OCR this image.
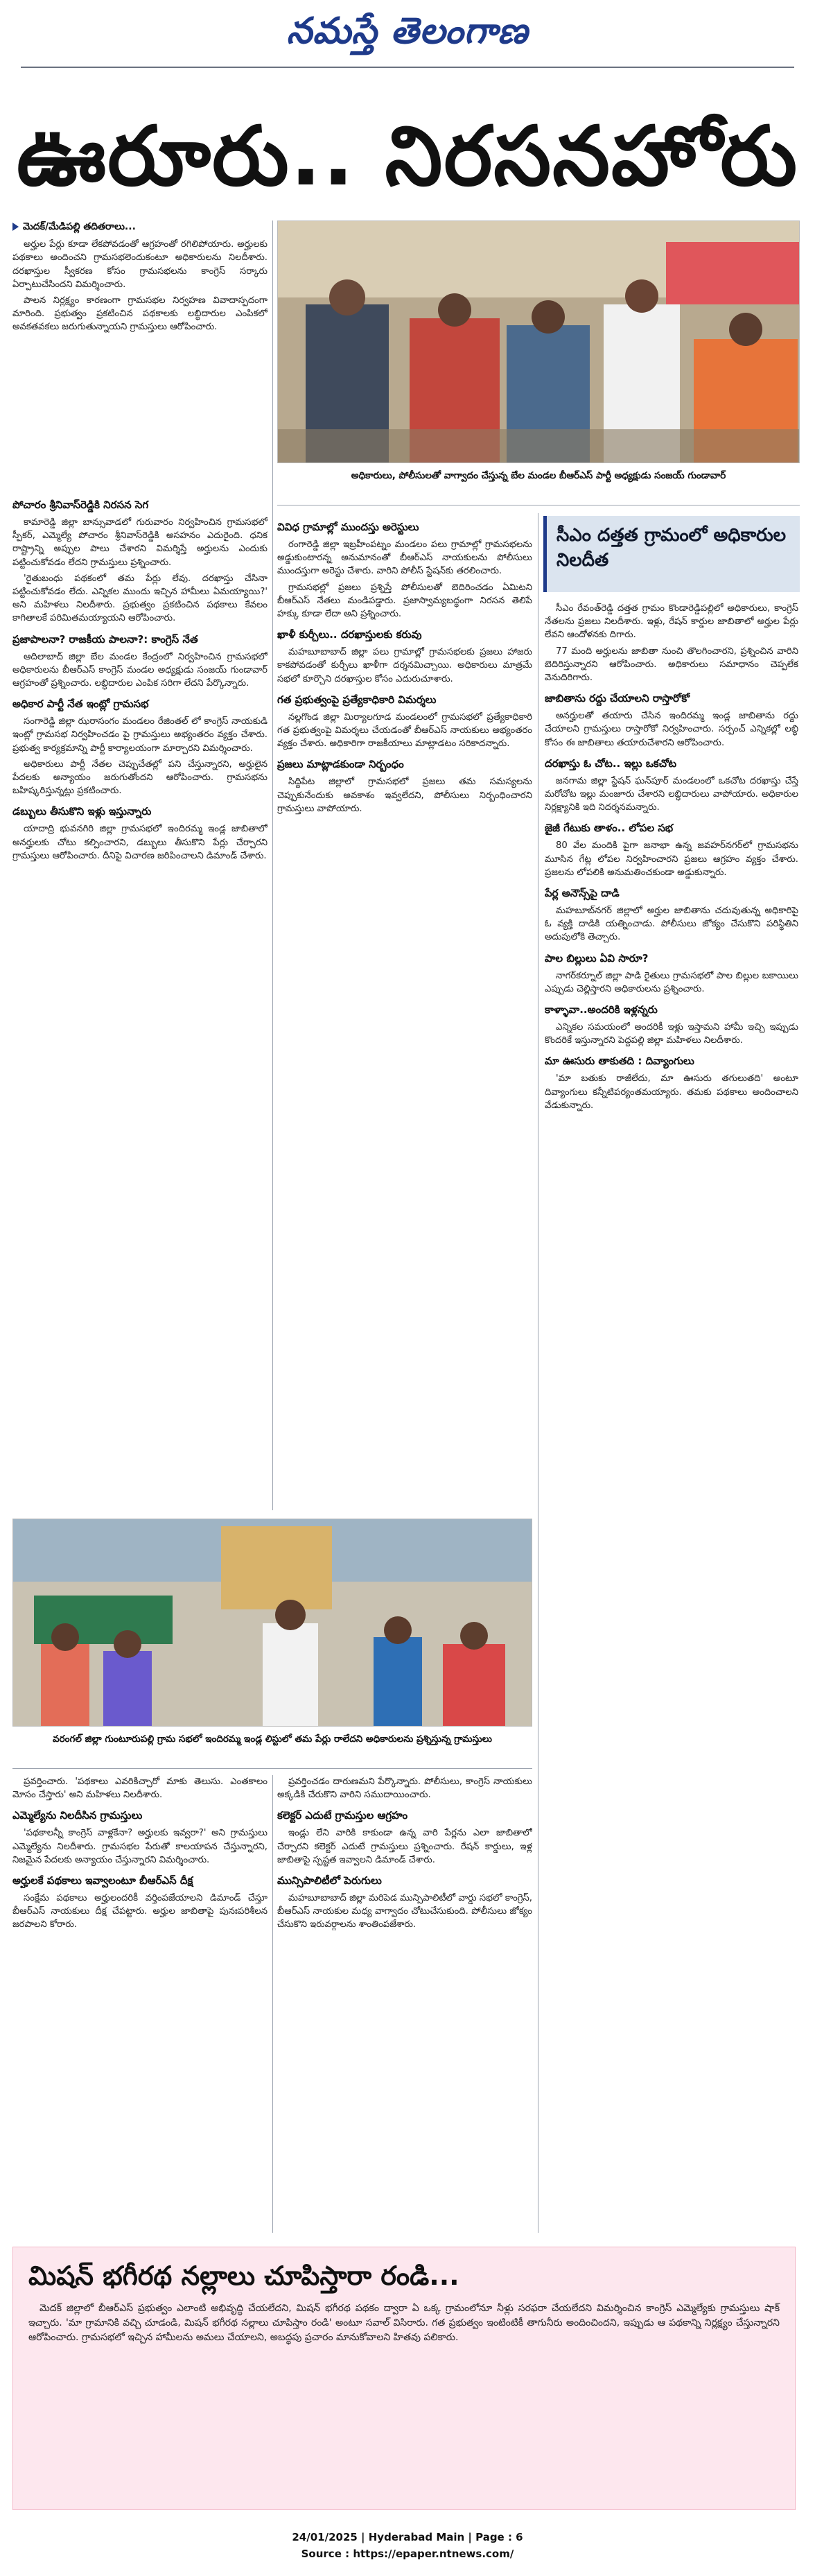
నమస్తే తెలంగాణ
ఊరూరు.. నిరసనహోరు
మెదక్/మేడిపల్లి తదితరాలు...

అర్హుల పేర్లు కూడా లేకపోవడంతో ఆగ్రహంతో రగిలిపోయారు. అర్హులకు పథకాలు అందించని గ్రామసభలెందుకంటూ అధికారులను నిలదీశారు. దరఖాస్తుల స్వీకరణ కోసం గ్రామసభలను కాంగ్రెస్ సర్కారు ఏర్పాటుచేసిందని విమర్శించారు.

పాలన నిర్లక్ష్యం కారణంగా గ్రామసభల నిర్వహణ వివాదాస్పదంగా మారింది. ప్రభుత్వం ప్రకటించిన పథకాలకు లబ్ధిదారుల ఎంపికలో అవకతవకలు జరుగుతున్నాయని గ్రామస్తులు ఆరోపించారు.

అధికారులు, పోలీసులతో వాగ్వాదం చేస్తున్న బేల మండల బీఆర్ఎస్ పార్టీ అధ్యక్షుడు సంజయ్ గుండావార్
పోచారం శ్రీనివాస్‌రెడ్డికి నిరసన సెగ

కామారెడ్డి జిల్లా బాన్సువాడలో గురువారం నిర్వహించిన గ్రామసభలో స్పీకర్, ఎమ్మెల్యే పోచారం శ్రీనివాస్‌రెడ్డికి అసహనం ఎదురైంది. ధనిక రాష్ట్రాన్ని అప్పుల పాలు చేశారని విమర్శిస్తే అర్హులను ఎందుకు పట్టించుకోవడం లేదని గ్రామస్తులు ప్రశ్నించారు.

'రైతుబంధు పథకంలో తమ పేర్లు లేవు. దరఖాస్తు చేసినా పట్టించుకోవడం లేదు. ఎన్నికల ముందు ఇచ్చిన హామీలు ఏమయ్యాయి?' అని మహిళలు నిలదీశారు. ప్రభుత్వం ప్రకటించిన పథకాలు కేవలం కాగితాలకే పరిమితమయ్యాయని ఆరోపించారు.

ప్రజాపాలనా? రాజకీయ పాలనా?: కాంగ్రెస్ నేత

ఆదిలాబాద్ జిల్లా బేల మండల కేంద్రంలో నిర్వహించిన గ్రామసభలో అధికారులను బీఆర్ఎస్ కాంగ్రెస్ మండల అధ్యక్షుడు సంజయ్ గుండావార్ ఆగ్రహంతో ప్రశ్నించారు. లబ్ధిదారుల ఎంపిక సరిగా లేదని పేర్కొన్నారు.

అధికార పార్టీ నేత ఇంట్లో గ్రామసభ

సంగారెడ్డి జిల్లా ఝరాసంగం మండలం రేజింతల్ లో కాంగ్రెస్ నాయకుడి ఇంట్లో గ్రామసభ నిర్వహించడం పై గ్రామస్తులు అభ్యంతరం వ్యక్తం చేశారు. ప్రభుత్వ కార్యక్రమాన్ని పార్టీ కార్యాలయంగా మార్చారని విమర్శించారు.

అధికారులు పార్టీ నేతల చెప్పుచేతల్లో పని చేస్తున్నారని, అర్హులైన పేదలకు అన్యాయం జరుగుతోందని ఆరోపించారు. గ్రామసభను బహిష్కరిస్తున్నట్లు ప్రకటించారు.

డబ్బులు తీసుకొని ఇళ్లు ఇస్తున్నారు

యాదాద్రి భువనగిరి జిల్లా గ్రామసభలో ఇందిరమ్మ ఇండ్ల జాబితాలో అనర్హులకు చోటు కల్పించారని, డబ్బులు తీసుకొని పేర్లు చేర్చారని గ్రామస్తులు ఆరోపించారు. దీనిపై విచారణ జరిపించాలని డిమాండ్ చేశారు.

వివిధ గ్రామాల్లో ముందస్తు అరెస్టులు

రంగారెడ్డి జిల్లా ఇబ్రహీంపట్నం మండలం పలు గ్రామాల్లో గ్రామసభలను అడ్డుకుంటారన్న అనుమానంతో బీఆర్ఎస్ నాయకులను పోలీసులు ముందస్తుగా అరెస్టు చేశారు. వారిని పోలీస్ స్టేషన్‌కు తరలించారు.

గ్రామసభల్లో ప్రజలు ప్రశ్నిస్తే పోలీసులతో బెదిరించడం ఏమిటని బీఆర్ఎస్ నేతలు మండిపడ్డారు. ప్రజాస్వామ్యబద్ధంగా నిరసన తెలిపే హక్కు కూడా లేదా అని ప్రశ్నించారు.

ఖాళీ కుర్చీలు.. దరఖాస్తులకు కరువు

మహబూబాబాద్ జిల్లా పలు గ్రామాల్లో గ్రామసభలకు ప్రజలు హాజరు కాకపోవడంతో కుర్చీలు ఖాళీగా దర్శనమిచ్చాయి. అధికారులు మాత్రమే సభలో కూర్చొని దరఖాస్తుల కోసం ఎదురుచూశారు.

గత ప్రభుత్వంపై ప్రత్యేకాధికారి విమర్శలు

నల్లగొండ జిల్లా మిర్యాలగూడ మండలంలో గ్రామసభలో ప్రత్యేకాధికారి గత ప్రభుత్వంపై విమర్శలు చేయడంతో బీఆర్ఎస్ నాయకులు అభ్యంతరం వ్యక్తం చేశారు. అధికారిగా రాజకీయాలు మాట్లాడటం సరికాదన్నారు.

ప్రజలు మాట్లాడకుండా నిర్బంధం

సిద్దిపేట జిల్లాలో గ్రామసభలో ప్రజలు తమ సమస్యలను చెప్పుకునేందుకు అవకాశం ఇవ్వలేదని, పోలీసులు నిర్బంధించారని గ్రామస్తులు వాపోయారు.

సీఎం దత్తత గ్రామంలో అధికారుల నిలదీత

సీఎం రేవంత్‌రెడ్డి దత్తత గ్రామం కొండారెడ్డిపల్లిలో అధికారులు, కాంగ్రెస్ నేతలను ప్రజలు నిలదీశారు. ఇళ్లు, రేషన్ కార్డుల జాబితాలో అర్హుల పేర్లు లేవని ఆందోళనకు దిగారు.

77 మంది అర్హులను జాబితా నుంచి తొలగించారని, ప్రశ్నించిన వారిని బెదిరిస్తున్నారని ఆరోపించారు. అధికారులు సమాధానం చెప్పలేక వెనుదిరిగారు.

జాబితాను రద్దు చేయాలని రాస్తారోకో

అనర్హులతో తయారు చేసిన ఇందిరమ్మ ఇండ్ల జాబితాను రద్దు చేయాలని గ్రామస్తులు రాస్తారోకో నిర్వహించారు. సర్పంచ్ ఎన్నికల్లో లబ్ధి కోసం ఈ జాబితాలు తయారుచేశారని ఆరోపించారు.

దరఖాస్తు ఓ చోట.. ఇల్లు ఒకచోట

జనగామ జిల్లా స్టేషన్ ఘన్‌పూర్ మండలంలో ఒకచోట దరఖాస్తు చేస్తే మరోచోట ఇల్లు మంజూరు చేశారని లబ్ధిదారులు వాపోయారు. అధికారుల నిర్లక్ష్యానికి ఇది నిదర్శనమన్నారు.

జైజీ గేటుకు తాళం.. లోపల సభ

80 వేల మందికి పైగా జనాభా ఉన్న జవహర్‌నగర్‌లో గ్రామసభను మూసిన గేట్ల లోపల నిర్వహించారని ప్రజలు ఆగ్రహం వ్యక్తం చేశారు. ప్రజలను లోపలికి అనుమతించకుండా అడ్డుకున్నారు.

పేర్ల అనౌన్స్‌పై దాడి

మహబూబ్‌నగర్ జిల్లాలో అర్హుల జాబితాను చదువుతున్న అధికారిపై ఓ వ్యక్తి దాడికి యత్నించాడు. పోలీసులు జోక్యం చేసుకొని పరిస్థితిని అదుపులోకి తెచ్చారు.

పాల బిల్లులు ఏవి సారూ?

నాగర్‌కర్నూల్ జిల్లా పాడి రైతులు గ్రామసభలో పాల బిల్లుల బకాయిలు ఎప్పుడు చెల్లిస్తారని అధికారులను ప్రశ్నించారు.

కాళ్ళావా..అందరికి ఇళ్లన్నరు

ఎన్నికల సమయంలో అందరికీ ఇళ్లు ఇస్తామని హామీ ఇచ్చి ఇప్పుడు కొందరికే ఇస్తున్నారని పెద్దపల్లి జిల్లా మహిళలు నిలదీశారు.

మా ఊసురు తాకుతది : దివ్యాంగులు

'మా బతుకు రాజీలేదు, మా ఊసురు తగులుతది' అంటూ దివ్యాంగులు కన్నీటిపర్యంతమయ్యారు. తమకు పథకాలు అందించాలని వేడుకున్నారు.

వరంగల్ జిల్లా గుంటూరుపల్లి గ్రామ సభలో ఇందిరమ్మ ఇండ్ల లిస్టులో తమ పేర్లు రాలేదని అధికారులను ప్రశ్నిస్తున్న గ్రామస్తులు

ప్రవర్తించారు. 'పథకాలు ఎవరికిచ్చారో మాకు తెలుసు. ఎంతకాలం మోసం చేస్తారు' అని మహిళలు నిలదీశారు.

ఎమ్మెల్యేను నిలదీసిన గ్రామస్తులు

'పథకాలన్నీ కాంగ్రెస్ వాళ్లకేనా? అర్హులకు ఇవ్వరా?' అని గ్రామస్తులు ఎమ్మెల్యేను నిలదీశారు. గ్రామసభల పేరుతో కాలయాపన చేస్తున్నారని, నిజమైన పేదలకు అన్యాయం చేస్తున్నారని విమర్శించారు.

అర్హులకే పథకాలు ఇవ్వాలంటూ బీఆర్ఎస్ దీక్ష

సంక్షేమ పథకాలు అర్హులందరికీ వర్తింపజేయాలని డిమాండ్ చేస్తూ బీఆర్ఎస్ నాయకులు దీక్ష చేపట్టారు. అర్హుల జాబితాపై పునఃపరిశీలన జరపాలని కోరారు.

ప్రవర్తించడం దారుణమని పేర్కొన్నారు. పోలీసులు, కాంగ్రెస్ నాయకులు అక్కడికి చేరుకొని వారిని సముదాయించారు.

కలెక్టర్ ఎదుటే గ్రామస్తుల ఆగ్రహం

ఇండ్లు లేని వారికి కాకుండా ఉన్న వారి పేర్లను ఎలా జాబితాలో చేర్చారని కలెక్టర్ ఎదుటే గ్రామస్తులు ప్రశ్నించారు. రేషన్ కార్డులు, ఇళ్ల జాబితాపై స్పష్టత ఇవ్వాలని డిమాండ్ చేశారు.

మున్సిపాలిటీలో పెరుగులు

మహబూబాబాద్ జిల్లా మరిపెడ మున్సిపాలిటీలో వార్డు సభలో కాంగ్రెస్, బీఆర్ఎస్ నాయకుల మధ్య వాగ్వాదం చోటుచేసుకుంది. పోలీసులు జోక్యం చేసుకొని ఇరువర్గాలను శాంతింపజేశారు.

మిషన్ భగీరథ నల్లాలు చూపిస్తారా రండి...

మెదక్ జిల్లాలో బీఆర్ఎస్ ప్రభుత్వం ఎలాంటి అభివృద్ధి చేయలేదని, మిషన్ భగీరథ పథకం ద్వారా ఏ ఒక్క గ్రామంలోనూ నీళ్లు సరఫరా చేయలేదని విమర్శించిన కాంగ్రెస్ ఎమ్మెల్యేకు గ్రామస్తులు షాక్ ఇచ్చారు. 'మా గ్రామానికి వచ్చి చూడండి, మిషన్ భగీరథ నల్లాలు చూపిస్తాం రండి' అంటూ సవాల్ విసిరారు. గత ప్రభుత్వం ఇంటింటికీ తాగునీరు అందించిందని, ఇప్పుడు ఆ పథకాన్ని నిర్లక్ష్యం చేస్తున్నారని ఆరోపించారు. గ్రామసభలో ఇచ్చిన హామీలను అమలు చేయాలని, అబద్ధపు ప్రచారం మానుకోవాలని హితవు పలికారు.

24/01/2025 | Hyderabad Main | Page : 6
Source : https://epaper.ntnews.com/
